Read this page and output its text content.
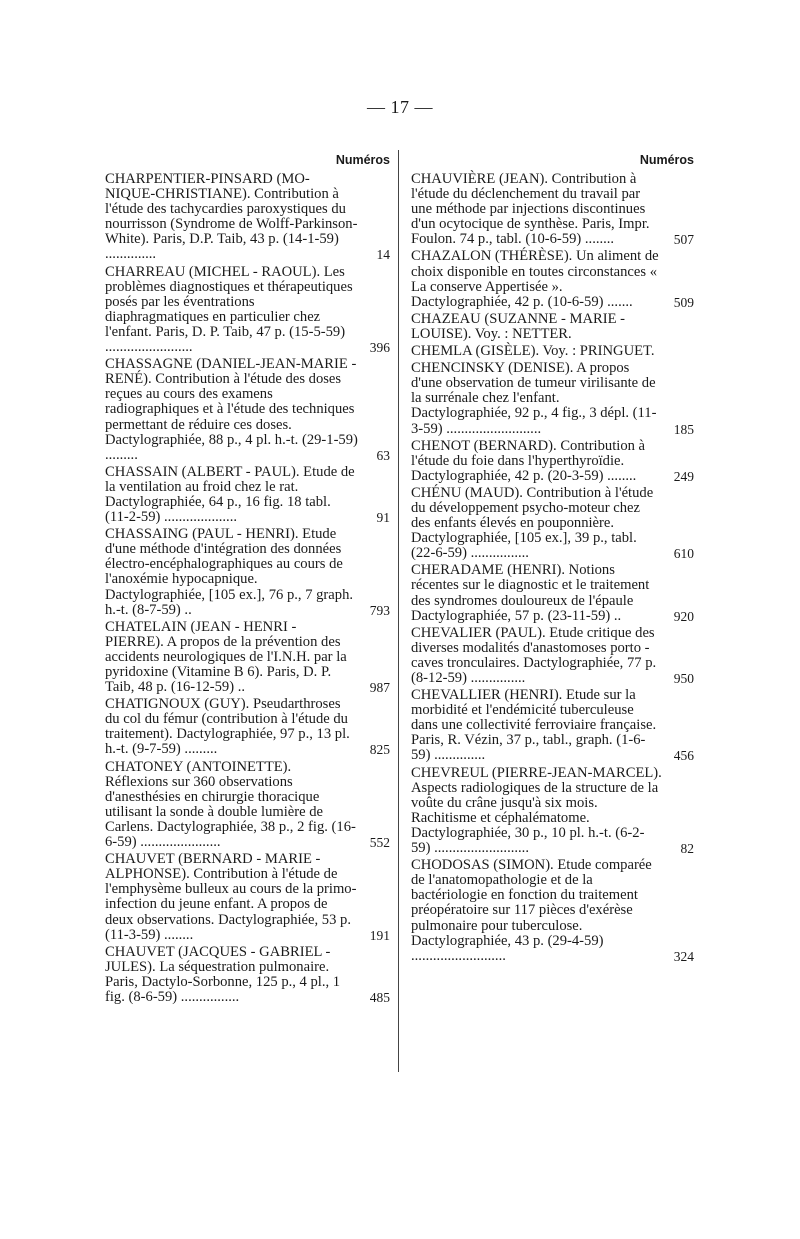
— 17 —
Numéros
CHARPENTIER-PINSARD (MO-NIQUE-CHRISTIANE). Contribution à l'étude des tachycardies paroxystiques du nourrisson (Syndrome de Wolff-Parkinson-White). Paris, D.P. Taib, 43 p. (14-1-59) ..............	14
CHARREAU (MICHEL - RAOUL). Les problèmes diagnostiques et thérapeutiques posés par les éventrations diaphragmatiques en particulier chez l'enfant. Paris, D. P. Taib, 47 p. (15-5-59) ........................	396
CHASSAGNE (DANIEL-JEAN-MARIE - RENÉ). Contribution à l'étude des doses reçues au cours des examens radiographiques et à l'étude des techniques permettant de réduire ces doses. Dactylographiée, 88 p., 4 pl. h.-t. (29-1-59) .........	63
CHASSAIN (ALBERT - PAUL). Etude de la ventilation au froid chez le rat. Dactylographiée, 64 p., 16 fig. 18 tabl. (11-2-59) ....................	91
CHASSAING (PAUL - HENRI). Etude d'une méthode d'intégration des données électro-encéphalographiques au cours de l'anoxémie hypocapnique. Dactylographiée, [105 ex.], 76 p., 7 graph. h.-t. (8-7-59) ..	793
CHATELAIN (JEAN - HENRI - PIERRE). A propos de la prévention des accidents neurologiques de l'I.N.H. par la pyridoxine (Vitamine B 6). Paris, D. P. Taib, 48 p. (16-12-59) ..	987
CHATIGNOUX (GUY). Pseudarthroses du col du fémur (contribution à l'étude du traitement). Dactylographiée, 97 p., 13 pl. h.-t. (9-7-59) .........	825
CHATONEY (ANTOINETTE). Réflexions sur 360 observations d'anesthésies en chirurgie thoracique utilisant la sonde à double lumière de Carlens. Dactylographiée, 38 p., 2 fig. (16-6-59) ......................	552
CHAUVET (BERNARD - MARIE - ALPHONSE). Contribution à l'étude de l'emphysème bulleux au cours de la primo-infection du jeune enfant. A propos de deux observations. Dactylographiée, 53 p. (11-3-59) ........	191
CHAUVET (JACQUES - GABRIEL - JULES). La séquestration pulmonaire. Paris, Dactylo-Sorbonne, 125 p., 4 pl., 1 fig. (8-6-59) ................	485
Numéros
CHAUVIÈRE (JEAN). Contribution à l'étude du déclenchement du travail par une méthode par injections discontinues d'un ocytocique de synthèse. Paris, Impr. Foulon. 74 p., tabl. (10-6-59) ........	507
CHAZALON (THÉRÈSE). Un aliment de choix disponible en toutes circonstances « La conserve Appertisée ». Dactylographiée, 42 p. (10-6-59) .......	509
CHAZEAU (SUZANNE - MARIE - LOUISE). Voy. : NETTER.
CHEMLA (GISÈLE). Voy. : PRINGUET.
CHENCINSKY (DENISE). A propos d'une observation de tumeur virilisante de la surrénale chez l'enfant. Dactylographiée, 92 p., 4 fig., 3 dépl. (11-3-59) ..........................	185
CHENOT (BERNARD). Contribution à l'étude du foie dans l'hyperthyroïdie. Dactylographiée, 42 p. (20-3-59) ........	249
CHÉNU (MAUD). Contribution à l'étude du développement psycho-moteur chez des enfants élevés en pouponnière. Dactylographiée, [105 ex.], 39 p., tabl. (22-6-59) ................	610
CHERADAME (HENRI). Notions récentes sur le diagnostic et le traitement des syndromes douloureux de l'épaule Dactylographiée, 57 p. (23-11-59) ..	920
CHEVALIER (PAUL). Etude critique des diverses modalités d'anastomoses porto - caves tronculaires. Dactylographiée, 77 p. (8-12-59) ...............	950
CHEVALLIER (HENRI). Etude sur la morbidité et l'endémicité tuberculeuse dans une collectivité ferroviaire française. Paris, R. Vézin, 37 p., tabl., graph. (1-6-59) ..............	456
CHEVREUL (PIERRE-JEAN-MARCEL). Aspects radiologiques de la structure de la voûte du crâne jusqu'à six mois. Rachitisme et céphalématome. Dactylographiée, 30 p., 10 pl. h.-t. (6-2-59) ..........................	82
CHODOSAS (SIMON). Etude comparée de l'anatomopathologie et de la bactériologie en fonction du traitement préopératoire sur 117 pièces d'exérèse pulmonaire pour tuberculose. Dactylographiée, 43 p. (29-4-59) ..........................	324
